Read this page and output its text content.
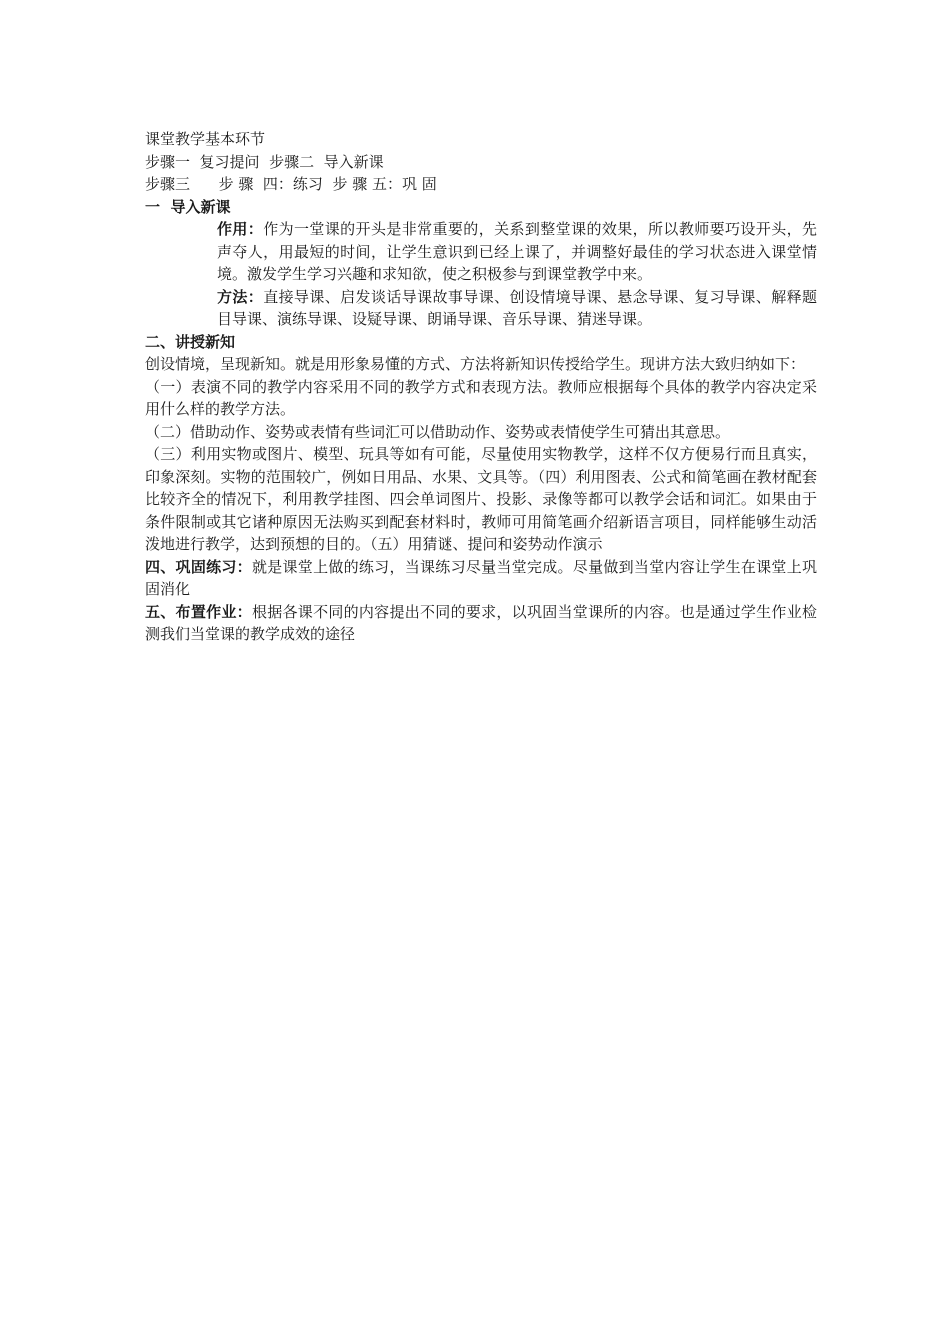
课堂教学基本环节
步骤一  复习提问  步骤二  导入新课
步骤三      步 骤  四：练习  步 骤 五：巩 固
一  导入新课
作用：作为一堂课的开头是非常重要的，关系到整堂课的效果，所以教师要巧设开头，先声夺人，用最短的时间，让学生意识到已经上课了，并调整好最佳的学习状态进入课堂情境。激发学生学习兴趣和求知欲，使之积极参与到课堂教学中来。
方法：直接导课、启发谈话导课故事导课、创设情境导课、悬念导课、复习导课、解释题目导课、演练导课、设疑导课、朗诵导课、音乐导课、猜迷导课。
二、讲授新知
创设情境，呈现新知。就是用形象易懂的方式、方法将新知识传授给学生。现讲方法大致归纳如下：
（一）表演不同的教学内容采用不同的教学方式和表现方法。教师应根据每个具体的教学内容决定采用什么样的教学方法。
（二）借助动作、姿势或表情有些词汇可以借助动作、姿势或表情使学生可猜出其意思。
（三）利用实物或图片、模型、玩具等如有可能，尽量使用实物教学，这样不仅方便易行而且真实，印象深刻。实物的范围较广，例如日用品、水果、文具等。（四）利用图表、公式和简笔画在教材配套比较齐全的情况下，利用教学挂图、四会单词图片、投影、录像等都可以教学会话和词汇。如果由于条件限制或其它诸种原因无法购买到配套材料时，教师可用简笔画介绍新语言项目，同样能够生动活泼地进行教学，达到预想的目的。（五）用猜谜、提问和姿势动作演示
四、巩固练习：就是课堂上做的练习，当课练习尽量当堂完成。尽量做到当堂内容让学生在课堂上巩固消化
五、布置作业：根据各课不同的内容提出不同的要求，以巩固当堂课所的内容。也是通过学生作业检测我们当堂课的教学成效的途径
